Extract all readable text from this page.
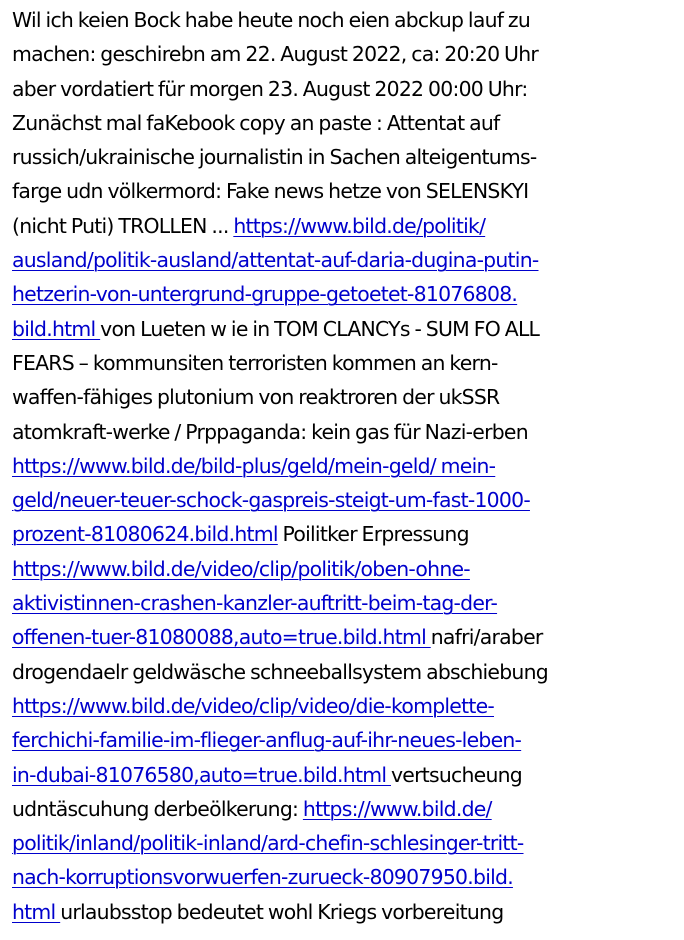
Wil ich keien Bock habe heute noch eien abckup lauf zu
machen: geschirebn am 22. August 2022, ca: 20:20 Uhr
aber vordatiert für morgen 23. August 2022 00:00 Uhr:
Zunächst mal faKebook copy an paste : Attentat auf
russich/ukrainische journalistin in Sachen alteigentums-
farge udn völkermord: Fake news hetze von SELENSKYI
(nicht Puti) TROLLEN ... https://www.bild.de/politik/
ausland/politik-ausland/attentat-auf-daria-dugina-putin-
hetzerin-von-untergrund-gruppe-getoetet-81076808.
bild.html von Lueten w ie in TOM CLANCYs - SUM FO ALL
FEARS – kommunsiten terroristen kommen an kern-
waffen-fähiges plutonium von reaktroren der ukSSR
atomkraft-werke / Prppaganda: kein gas für Nazi-erben
https://www.bild.de/bild-plus/geld/mein-geld/ mein-
geld/neuer-teuer-schock-gaspreis-steigt-um-fast-1000-
prozent-81080624.bild.html Poilitker Erpressung
https://www.bild.de/video/clip/politik/oben-ohne-
aktivistinnen-crashen-kanzler-auftritt-beim-tag-der-
offenen-tuer-81080088,auto=true.bild.html nafri/araber
drogendaelr geldwäsche schneeballsystem abschiebung
https://www.bild.de/video/clip/video/die-komplette-
ferchichi-familie-im-flieger-anflug-auf-ihr-neues-leben-
in-dubai-81076580,auto=true.bild.html vertsucheung
udntäscuhung derbeölkerung: https://www.bild.de/
politik/inland/politik-inland/ard-chefin-schlesinger-tritt-
nach-korruptionsvorwuerfen-zurueck-80907950.bild.
html urlaubsstop bedeutet wohl Kriegs vorbereitung
